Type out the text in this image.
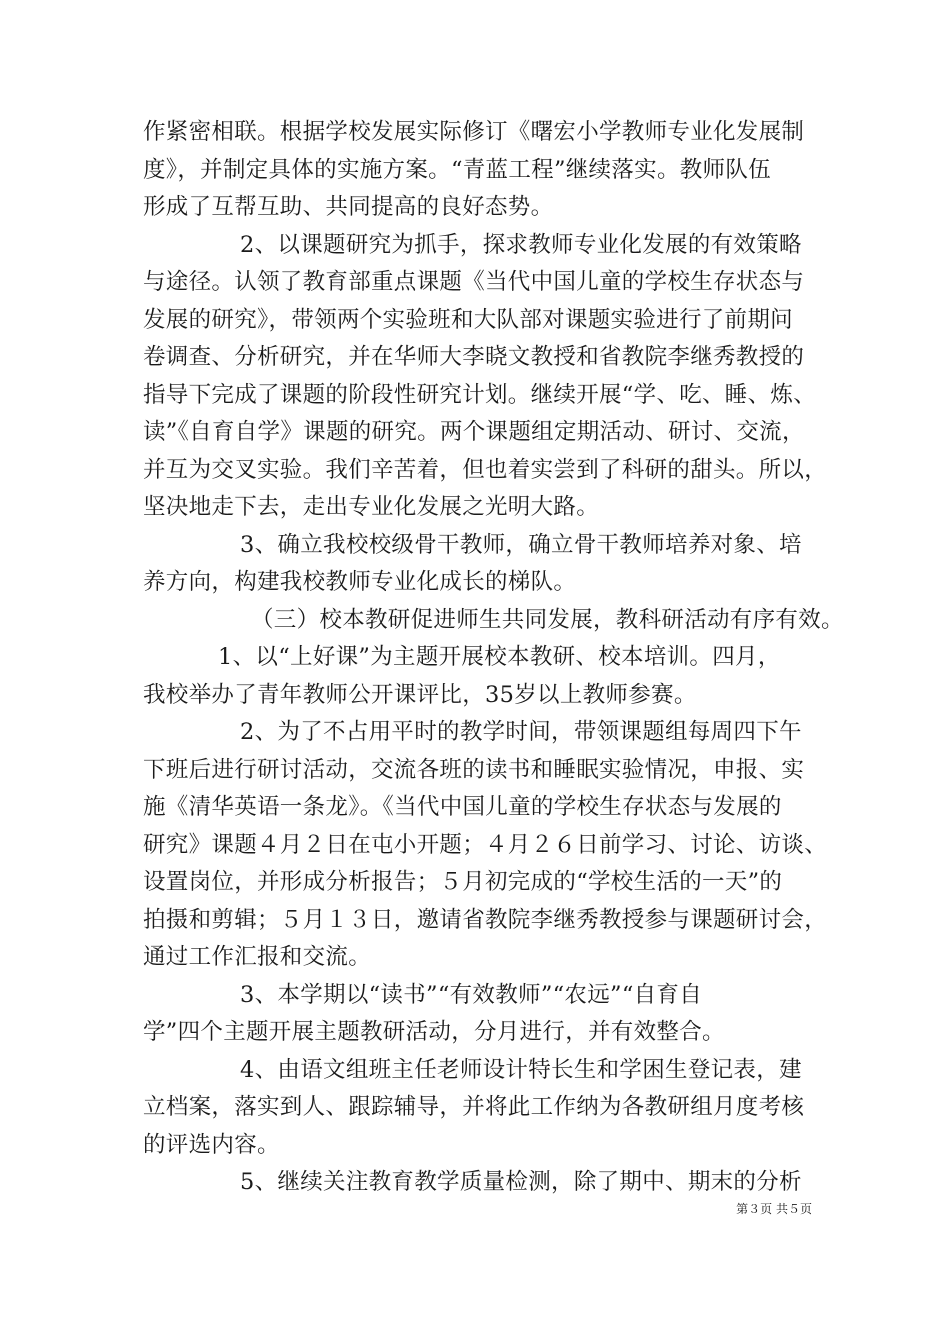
作紧密相联。根据学校发展实际修订《曙宏小学教师专业化发展制
度》，并制定具体的实施方案。“青蓝工程”继续落实。教师队伍
形成了互帮互助、共同提高的良好态势。
2、以课题研究为抓手，探求教师专业化发展的有效策略
与途径。认领了教育部重点课题《当代中国儿童的学校生存状态与
发展的研究》，带领两个实验班和大队部对课题实验进行了前期问
卷调查、分析研究，并在华师大李晓文教授和省教院李继秀教授的
指导下完成了课题的阶段性研究计划。继续开展“学、吃、睡、炼、
读”《自育自学》课题的研究。两个课题组定期活动、研讨、交流，
并互为交叉实验。我们辛苦着，但也着实尝到了科研的甜头。所以，
坚决地走下去，走出专业化发展之光明大路。
3、确立我校校级骨干教师，确立骨干教师培养对象、培
养方向，构建我校教师专业化成长的梯队。
（三）校本教研促进师生共同发展，教科研活动有序有效。
1、以“上好课”为主题开展校本教研、校本培训。四月，
我校举办了青年教师公开课评比，35岁以上教师参赛。
2、为了不占用平时的教学时间，带领课题组每周四下午
下班后进行研讨活动，交流各班的读书和睡眠实验情况，申报、实
施《清华英语一条龙》。《当代中国儿童的学校生存状态与发展的
研究》课题４月２日在屯小开题；４月２６日前学习、讨论、访谈、
设置岗位，并形成分析报告；５月初完成的“学校生活的一天”的
拍摄和剪辑；５月１３日，邀请省教院李继秀教授参与课题研讨会，
通过工作汇报和交流。
3、本学期以“读书”“有效教师”“农远”“自育自
学”四个主题开展主题教研活动，分月进行，并有效整合。
4、由语文组班主任老师设计特长生和学困生登记表，建
立档案，落实到人、跟踪辅导，并将此工作纳为各教研组月度考核
的评选内容。
5、继续关注教育教学质量检测，除了期中、期末的分析
第３页 共５页
